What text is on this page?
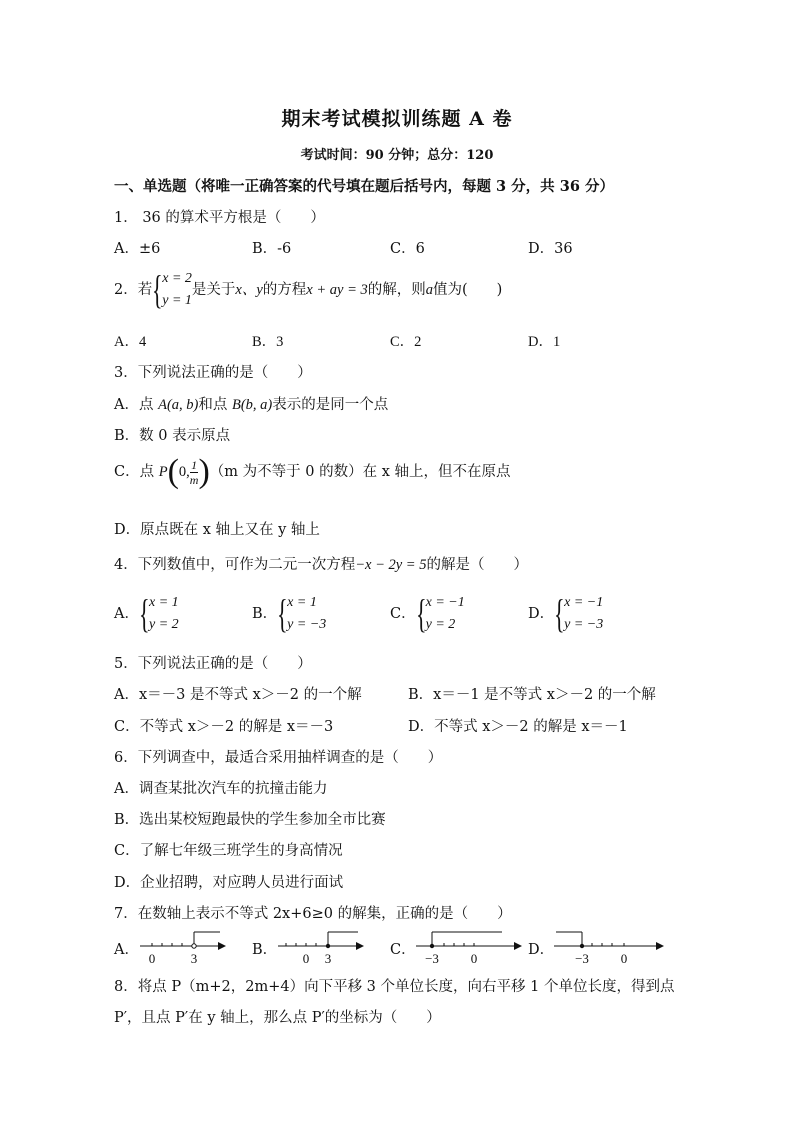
期末考试模拟训练题 A 卷
考试时间：90 分钟；总分：120
一、单选题（将唯一正确答案的代号填在题后括号内，每题 3 分，共 36 分）
1． 36 的算术平方根是（　　）
A．±6	B．-6	C．6	D．36
2．若 { x = 2
y = 1是关于x、y的方程x + ay = 3的解，则a值为(　　)
A．4	B．3	C．2	D．1
3．下列说法正确的是（　　）
A．点 A(a, b)和点 B(b, a)表示的是同一个点
B．数 0 表示原点
C．点 P(0, $\frac{1}{m} )(m$ 为不等于 0 的数）在 x 轴上，但不在原点
D．原点既在 x 轴上又在 y 轴上
4．下列数值中，可作为二元一次方程−x − 2y = 5的解是（　　）
A． { x = 1
y = 2
B． { x = 1
y = −3
C． { x = −1
y = 2
D． { x = −1
y = −3
5．下列说法正确的是（　　）
A．x＝－3 是不等式 x＞－2 的一个解	B．x＝－1 是不等式 x＞－2 的一个解
C．不等式 x＞－2 的解是 x＝－3	D．不等式 x＞－2 的解是 x＝－1
6．下列调查中，最适合采用抽样调查的是（　　）
A．调查某批次汽车的抗撞击能力
B．选出某校短跑最快的学生参加全市比赛
C．了解七年级三班学生的身高情况
D．企业招聘，对应聘人员进行面试
7．在数轴上表示不等式 2x+6≥0 的解集，正确的是（　　）
A．
0	3
B．
0 3
C．
−3 0
D．
−3 0
8．将点 P（m+2，2m+4）向下平移 3 个单位长度，向右平移 1 个单位长度，得到点
P′，且点 P′在 y 轴上，那么点 P′的坐标为（　　）
